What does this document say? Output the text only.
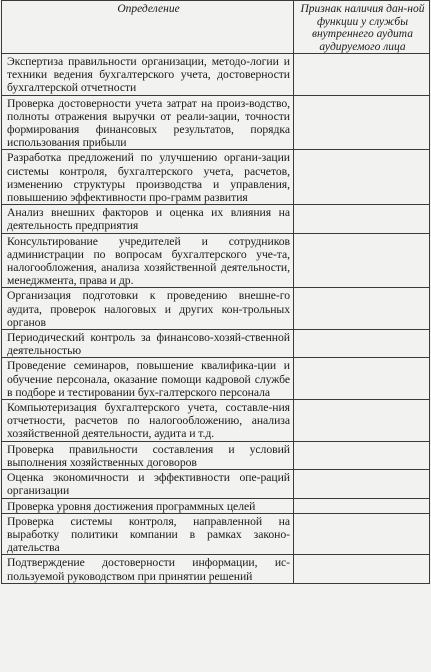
Определение	Признак наличия дан-ной функции у службы внутреннего аудита аудируемого лица
Экспертиза правильности организации, методо-логии и техники ведения бухгалтерского учета, достоверности бухгалтерской отчетности	
Проверка достоверности учета затрат на произ-водство, полноты отражения выручки от реали-зации, точности формирования финансовых результатов, порядка использования прибыли	
Разработка предложений по улучшению органи-зации системы контроля, бухгалтерского учета, расчетов, изменению структуры производства и управления, повышению эффективности про-грамм развития	
Анализ внешних факторов и оценка их влияния на деятельность предприятия	
Консультирование учредителей и сотрудников администрации по вопросам бухгалтерского уче-та, налогообложения, анализа хозяйственной деятельности, менеджмента, права и др.	
Организация подготовки к проведению внешне-го аудита, проверок налоговых и других кон-трольных органов	
Периодический контроль за финансово-хозяй-ственной деятельностью	
Проведение семинаров, повышение квалифика-ции и обучение персонала, оказание помощи кадровой службе в подборе и тестировании бух-галтерского персонала	
Компьютеризация бухгалтерского учета, составле-ния отчетности, расчетов по налогообложению, анализа хозяйственной деятельности, аудита и т.д.	
Проверка правильности составления и условий выполнения хозяйственных договоров	
Оценка экономичности и эффективности опе-раций организации	
Проверка уровня достижения программных целей	
Проверка системы контроля, направленной на выработку политики компании в рамках законо-дательства	
Подтверждение достоверности информации, ис-пользуемой руководством при принятии решений	
